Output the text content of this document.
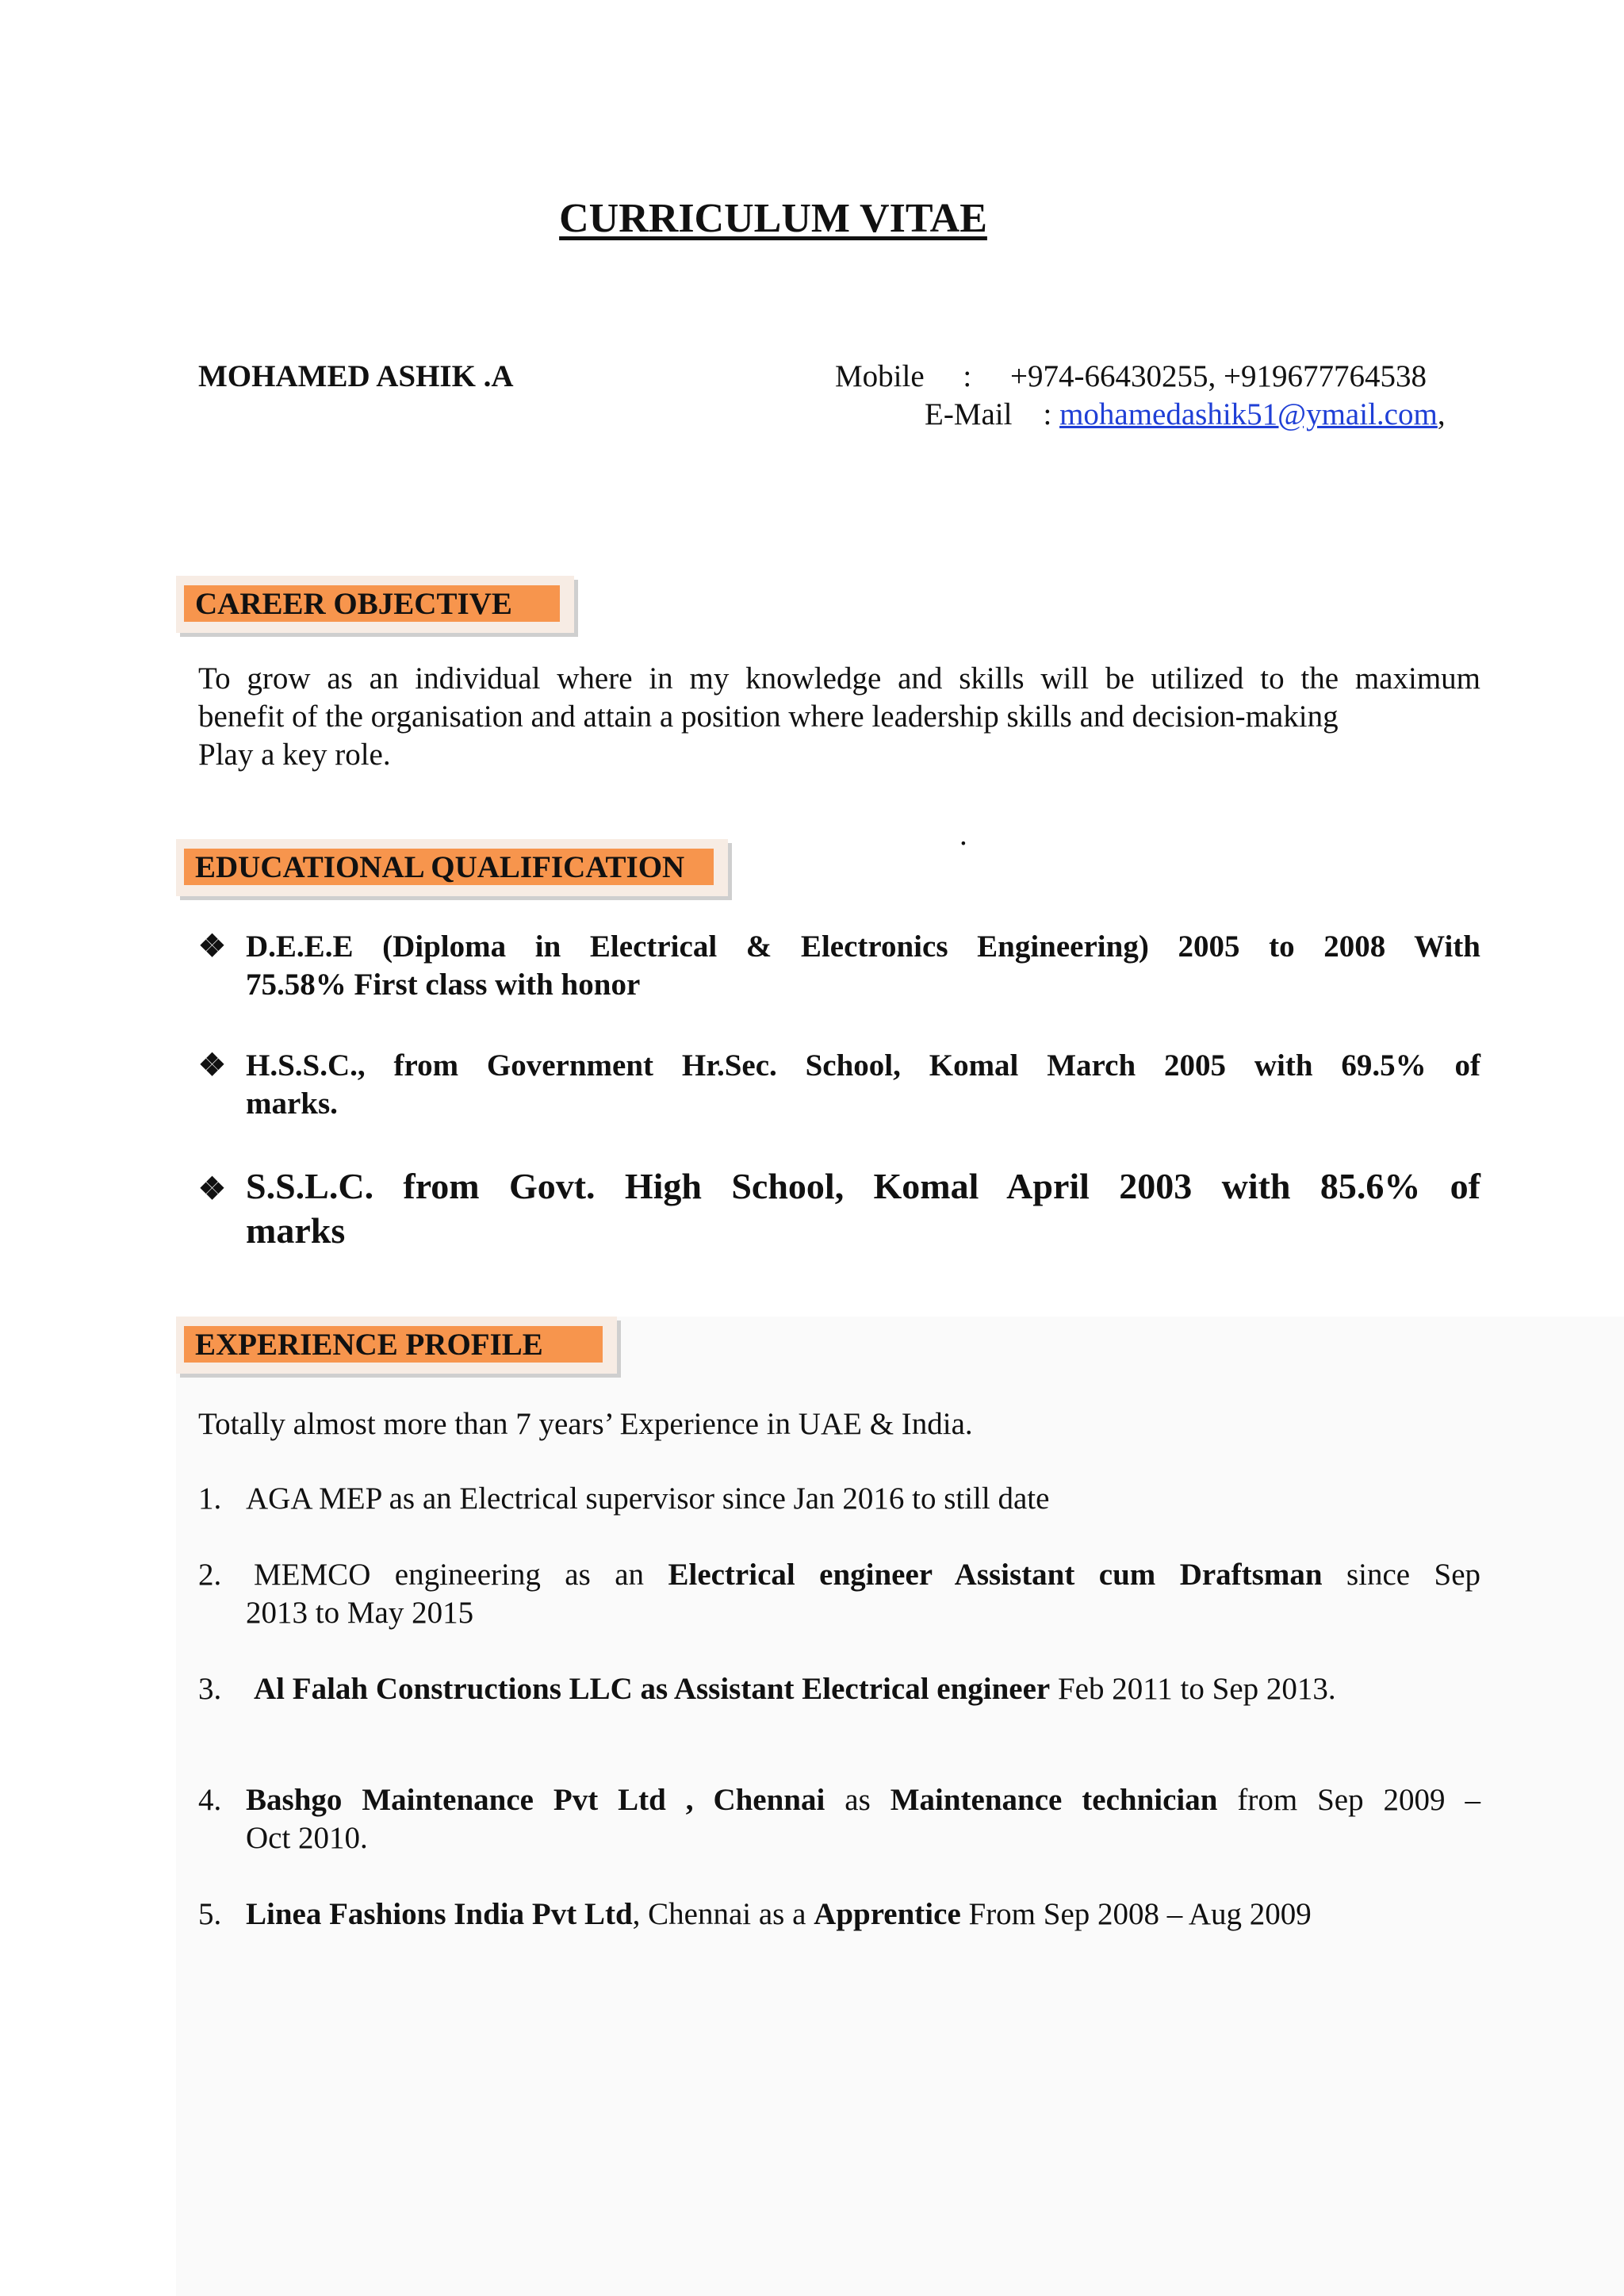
CURRICULUM VITAE
MOHAMED ASHIK .A	Mobile : +974-66430255, +919677764538
E-Mail : mohamedashik51@ymail.com,
CAREER OBJECTIVE
To grow as an individual where in my knowledge and skills will be utilized to the maximum
benefit of the organisation and attain a position where leadership skills and decision-making
Play a key role.
.
EDUCATIONAL QUALIFICATION
❖ D.E.E.E (Diploma in Electrical & Electronics Engineering) 2005 to 2008 With
75.58% First class with honor
❖ H.S.S.C., from Government Hr.Sec. School, Komal March 2005 with 69.5% of
marks.
❖ S.S.L.C. from Govt. High School, Komal April 2003 with 85.6% of
marks
EXPERIENCE PROFILE
Totally almost more than 7 years’ Experience in UAE & India.
1. AGA MEP as an Electrical supervisor since Jan 2016 to still date
2. MEMCO engineering as an Electrical engineer Assistant cum Draftsman since Sep
2013 to May 2015
3. Al Falah Constructions LLC as Assistant Electrical engineer Feb 2011 to Sep 2013.
4. Bashgo Maintenance Pvt Ltd , Chennai as Maintenance technician from Sep 2009 –
Oct 2010.
5. Linea Fashions India Pvt Ltd, Chennai as a Apprentice From Sep 2008 – Aug 2009
